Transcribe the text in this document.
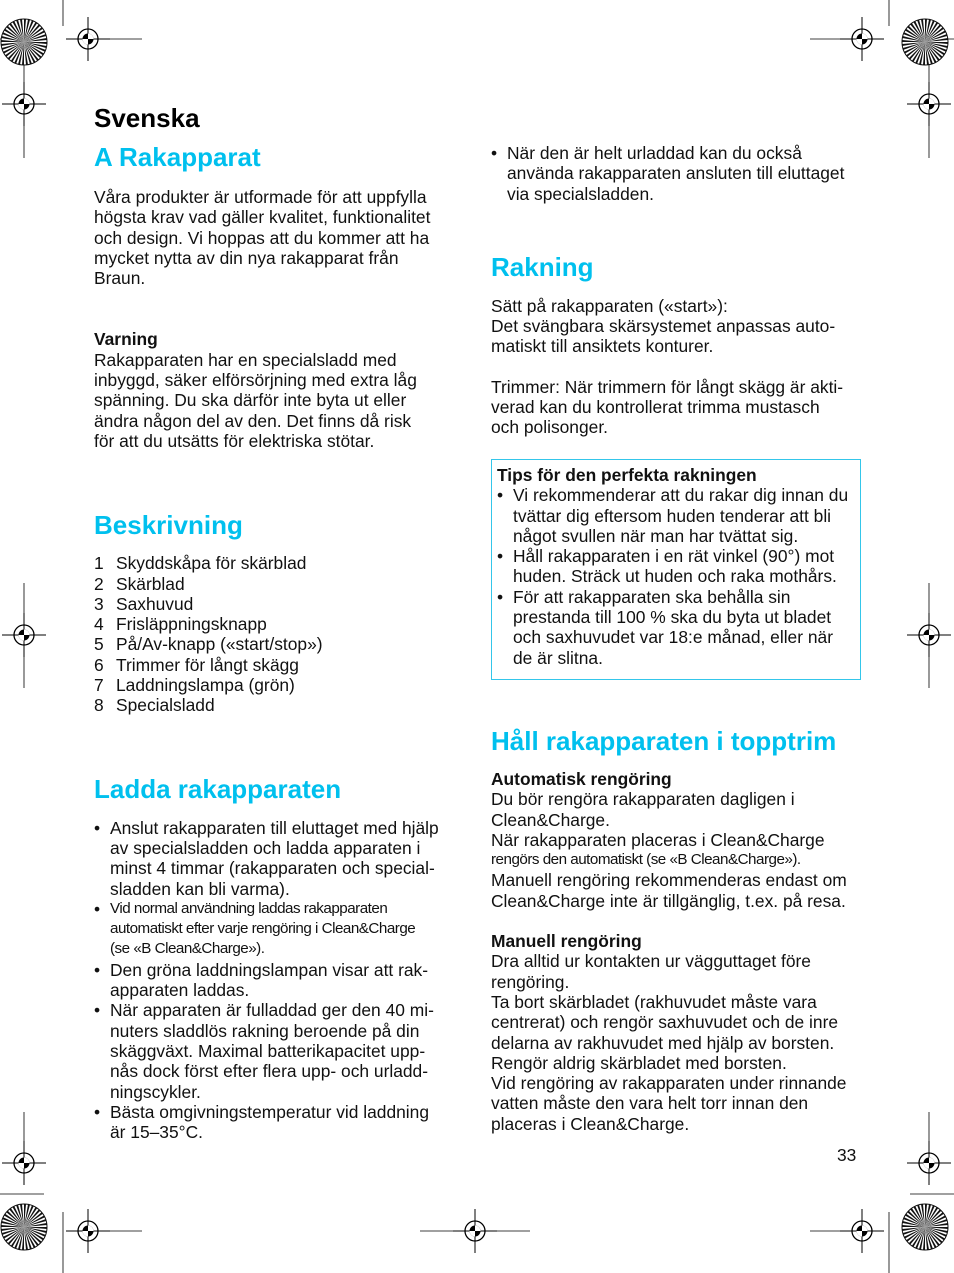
Svenska
A Rakapparat
Våra produkter är utformade för att uppfylla
högsta krav vad gäller kvalitet, funktionalitet
och design. Vi hoppas att du kommer att ha
mycket nytta av din nya rakapparat från
Braun.
Varning
Rakapparaten har en specialsladd med
inbyggd, säker elförsörjning med extra låg
spänning. Du ska därför inte byta ut eller
ändra någon del av den. Det finns då risk
för att du utsätts för elektriska stötar.
Beskrivning
1 Skyddskåpa för skärblad
2 Skärblad
3 Saxhuvud
4 Frisläppningsknapp
5 På/Av-knapp («start/stop»)
6 Trimmer för långt skägg
7 Laddningslampa (grön)
8 Specialsladd
Ladda rakapparaten
• Anslut rakapparaten till eluttaget med hjälp
av specialsladden och ladda apparaten i
minst 4 timmar (rakapparaten och special-
sladden kan bli varma).
• Vid normal användning laddas rakapparaten
automatiskt efter varje rengöring i Clean&Charge
(se «B Clean&Charge»).
• Den gröna laddningslampan visar att rak-
apparaten laddas.
• När apparaten är fulladdad ger den 40 mi-
nuters sladdlös rakning beroende på din
skäggväxt. Maximal batterikapacitet upp-
nås dock först efter flera upp- och urladd-
ningscykler.
• Bästa omgivningstemperatur vid laddning
är 15–35°C.
• När den är helt urladdad kan du också
använda rakapparaten ansluten till eluttaget
via specialsladden.
Rakning
Sätt på rakapparaten («start»):
Det svängbara skärsystemet anpassas auto-
matiskt till ansiktets konturer.
Trimmer: När trimmern för långt skägg är akti-
verad kan du kontrollerat trimma mustasch
och polisonger.
Tips för den perfekta rakningen
• Vi rekommenderar att du rakar dig innan du
tvättar dig eftersom huden tenderar att bli
något svullen när man har tvättat sig.
• Håll rakapparaten i en rät vinkel (90°) mot
huden. Sträck ut huden och raka mothårs.
• För att rakapparaten ska behålla sin
prestanda till 100 % ska du byta ut bladet
och saxhuvudet var 18:e månad, eller när
de är slitna.
Håll rakapparaten i topptrim
Automatisk rengöring
Du bör rengöra rakapparaten dagligen i
Clean&Charge.
När rakapparaten placeras i Clean&Charge
rengörs den automatiskt (se «B Clean&Charge»).
Manuell rengöring rekommenderas endast om
Clean&Charge inte är tillgänglig, t.ex. på resa.
Manuell rengöring
Dra alltid ur kontakten ur vägguttaget före
rengöring.
Ta bort skärbladet (rakhuvudet måste vara
centrerat) och rengör saxhuvudet och de inre
delarna av rakhuvudet med hjälp av borsten.
Rengör aldrig skärbladet med borsten.
Vid rengöring av rakapparaten under rinnande
vatten måste den vara helt torr innan den
placeras i Clean&Charge.
33
